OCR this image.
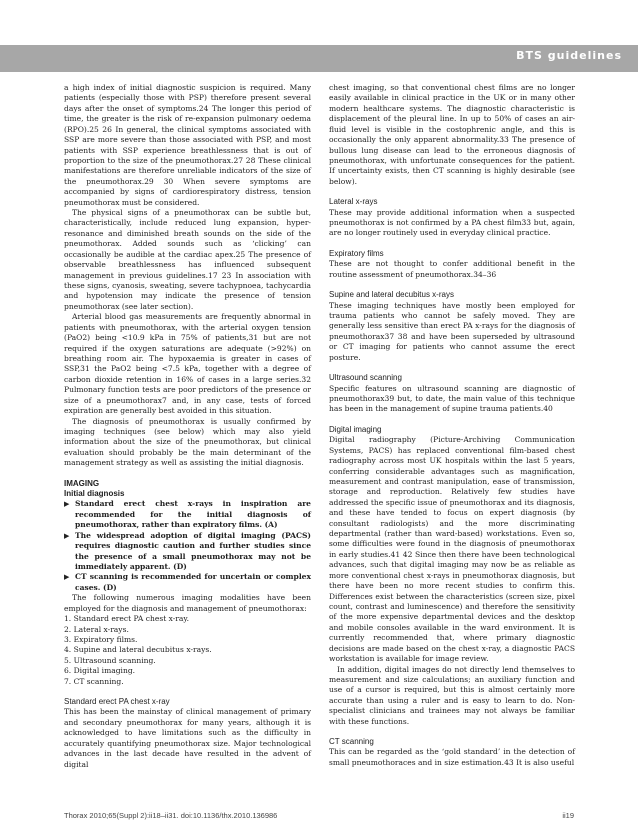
BTS guidelines

a high index of initial diagnostic suspicion is required. Many patients (especially those with PSP) therefore present several days after the onset of symptoms.24 The longer this period of time, the greater is the risk of re-expansion pulmonary oedema (RPO).25 26 In general, the clinical symptoms associated with SSP are more severe than those associated with PSP, and most patients with SSP experience breathlessness that is out of proportion to the size of the pneumothorax.27 28 These clinical manifestations are therefore unreliable indicators of the size of the pneumothorax.29 30 When severe symptoms are accompanied by signs of cardiorespiratory distress, tension pneumothorax must be considered.

The physical signs of a pneumothorax can be subtle but, characteristically, include reduced lung expansion, hyper-resonance and diminished breath sounds on the side of the pneumothorax. Added sounds such as ‘clicking’ can occasionally be audible at the cardiac apex.25 The presence of observable breathlessness has influenced subsequent management in previous guidelines.17 23 In association with these signs, cyanosis, sweating, severe tachypnoea, tachycardia and hypotension may indicate the presence of tension pneumothorax (see later section).

Arterial blood gas measurements are frequently abnormal in patients with pneumothorax, with the arterial oxygen tension (PaO2) being <10.9 kPa in 75% of patients,31 but are not required if the oxygen saturations are adequate (>92%) on breathing room air. The hypoxaemia is greater in cases of SSP,31 the PaO2 being <7.5 kPa, together with a degree of carbon dioxide retention in 16% of cases in a large series.32 Pulmonary function tests are poor predictors of the presence or size of a pneumothorax7 and, in any case, tests of forced expiration are generally best avoided in this situation.

The diagnosis of pneumothorax is usually confirmed by imaging techniques (see below) which may also yield information about the size of the pneumothorax, but clinical evaluation should probably be the main determinant of the management strategy as well as assisting the initial diagnosis.

IMAGING

Initial diagnosis

▶ Standard erect chest x-rays in inspiration are recommended for the initial diagnosis of pneumothorax, rather than expiratory films. (A)

▶ The widespread adoption of digital imaging (PACS) requires diagnostic caution and further studies since the presence of a small pneumothorax may not be immediately apparent. (D)

▶ CT scanning is recommended for uncertain or complex cases. (D)

The following numerous imaging modalities have been employed for the diagnosis and management of pneumothorax:

1. Standard erect PA chest x-ray.
2. Lateral x-rays.
3. Expiratory films.
4. Supine and lateral decubitus x-rays.
5. Ultrasound scanning.
6. Digital imaging.
7. CT scanning.

Standard erect PA chest x-ray

This has been the mainstay of clinical management of primary and secondary pneumothorax for many years, although it is acknowledged to have limitations such as the difficulty in accurately quantifying pneumothorax size. Major technological advances in the last decade have resulted in the advent of digital

chest imaging, so that conventional chest films are no longer easily available in clinical practice in the UK or in many other modern healthcare systems. The diagnostic characteristic is displacement of the pleural line. In up to 50% of cases an air-fluid level is visible in the costophrenic angle, and this is occasionally the only apparent abnormality.33 The presence of bullous lung disease can lead to the erroneous diagnosis of pneumothorax, with unfortunate consequences for the patient. If uncertainty exists, then CT scanning is highly desirable (see below).

Lateral x-rays

These may provide additional information when a suspected pneumothorax is not confirmed by a PA chest film33 but, again, are no longer routinely used in everyday clinical practice.

Expiratory films

These are not thought to confer additional benefit in the routine assessment of pneumothorax.34–36

Supine and lateral decubitus x-rays

These imaging techniques have mostly been employed for trauma patients who cannot be safely moved. They are generally less sensitive than erect PA x-rays for the diagnosis of pneumothorax37 38 and have been superseded by ultrasound or CT imaging for patients who cannot assume the erect posture.

Ultrasound scanning

Specific features on ultrasound scanning are diagnostic of pneumothorax39 but, to date, the main value of this technique has been in the management of supine trauma patients.40

Digital imaging

Digital radiography (Picture-Archiving Communication Systems, PACS) has replaced conventional film-based chest radiography across most UK hospitals within the last 5 years, conferring considerable advantages such as magnification, measurement and contrast manipulation, ease of transmission, storage and reproduction. Relatively few studies have addressed the specific issue of pneumothorax and its diagnosis, and these have tended to focus on expert diagnosis (by consultant radiologists) and the more discriminating departmental (rather than ward-based) workstations. Even so, some difficulties were found in the diagnosis of pneumothorax in early studies.41 42 Since then there have been technological advances, such that digital imaging may now be as reliable as more conventional chest x-rays in pneumothorax diagnosis, but there have been no more recent studies to confirm this. Differences exist between the characteristics (screen size, pixel count, contrast and luminescence) and therefore the sensitivity of the more expensive departmental devices and the desktop and mobile consoles available in the ward environment. It is currently recommended that, where primary diagnostic decisions are made based on the chest x-ray, a diagnostic PACS workstation is available for image review.

In addition, digital images do not directly lend themselves to measurement and size calculations; an auxiliary function and use of a cursor is required, but this is almost certainly more accurate than using a ruler and is easy to learn to do. Non-specialist clinicians and trainees may not always be familiar with these functions.

CT scanning

This can be regarded as the ‘gold standard’ in the detection of small pneumothoraces and in size estimation.43 It is also useful

Thorax 2010;65(Suppl 2):ii18–ii31. doi:10.1136/thx.2010.136986	ii19
